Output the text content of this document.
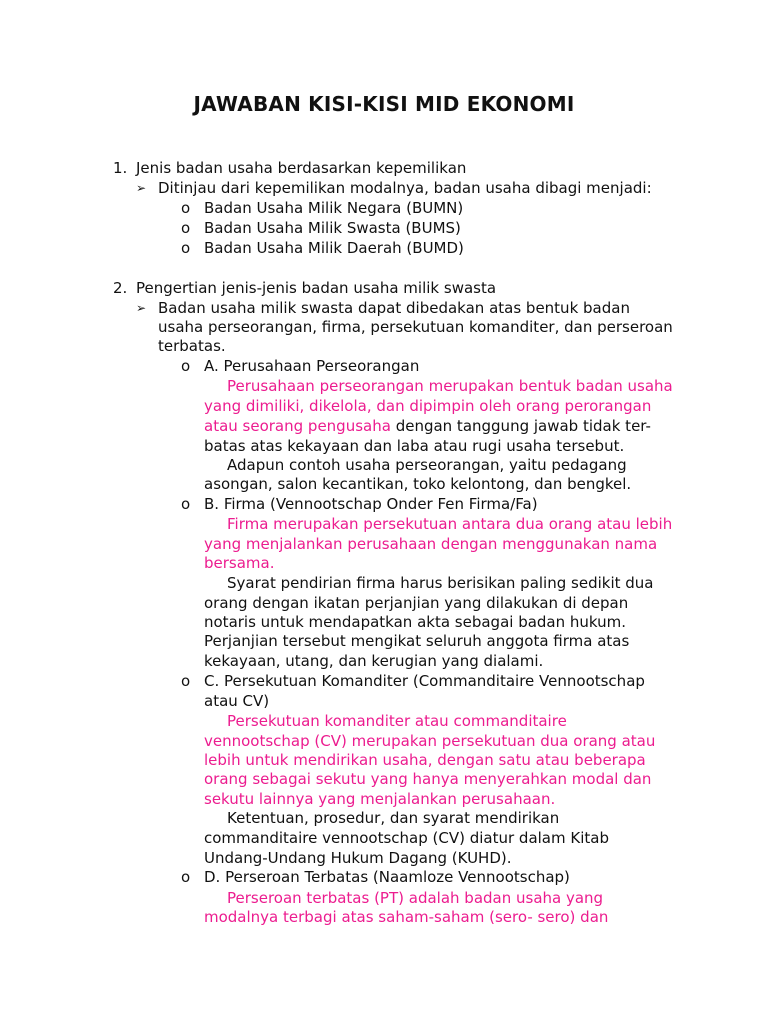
JAWABAN KISI-KISI MID EKONOMI
1. Jenis badan usaha berdasarkan kepemilikan
➢ Ditinjau dari kepemilikan modalnya, badan usaha dibagi menjadi:
o Badan Usaha Milik Negara (BUMN)
o Badan Usaha Milik Swasta (BUMS)
o Badan Usaha Milik Daerah (BUMD)
2. Pengertian jenis-jenis badan usaha milik swasta
➢ Badan usaha milik swasta dapat dibedakan atas bentuk badan
usaha perseorangan, firma, persekutuan komanditer, dan perseroan
terbatas.
o A. Perusahaan Perseorangan
Perusahaan perseorangan merupakan bentuk badan usaha
yang dimiliki, dikelola, dan dipimpin oleh orang perorangan
atau seorang pengusaha dengan tanggung jawab tidak ter-
batas atas kekayaan dan laba atau rugi usaha tersebut.
Adapun contoh usaha perseorangan, yaitu pedagang
asongan, salon kecantikan, toko kelontong, dan bengkel.
o B. Firma (Vennootschap Onder Fen Firma/Fa)
Firma merupakan persekutuan antara dua orang atau lebih
yang menjalankan perusahaan dengan menggunakan nama
bersama.
Syarat pendirian firma harus berisikan paling sedikit dua
orang dengan ikatan perjanjian yang dilakukan di depan
notaris untuk mendapatkan akta sebagai badan hukum.
Perjanjian tersebut mengikat seluruh anggota firma atas
kekayaan, utang, dan kerugian yang dialami.
o C. Persekutuan Komanditer (Commanditaire Vennootschap
atau CV)
Persekutuan komanditer atau commanditaire
vennootschap (CV) merupakan persekutuan dua orang atau
lebih untuk mendirikan usaha, dengan satu atau beberapa
orang sebagai sekutu yang hanya menyerahkan modal dan
sekutu lainnya yang menjalankan perusahaan.
Ketentuan, prosedur, dan syarat mendirikan
commanditaire vennootschap (CV) diatur dalam Kitab
Undang-Undang Hukum Dagang (KUHD).
o D. Perseroan Terbatas (Naamloze Vennootschap)
Perseroan terbatas (PT) adalah badan usaha yang
modalnya terbagi atas saham-saham (sero- sero) dan
